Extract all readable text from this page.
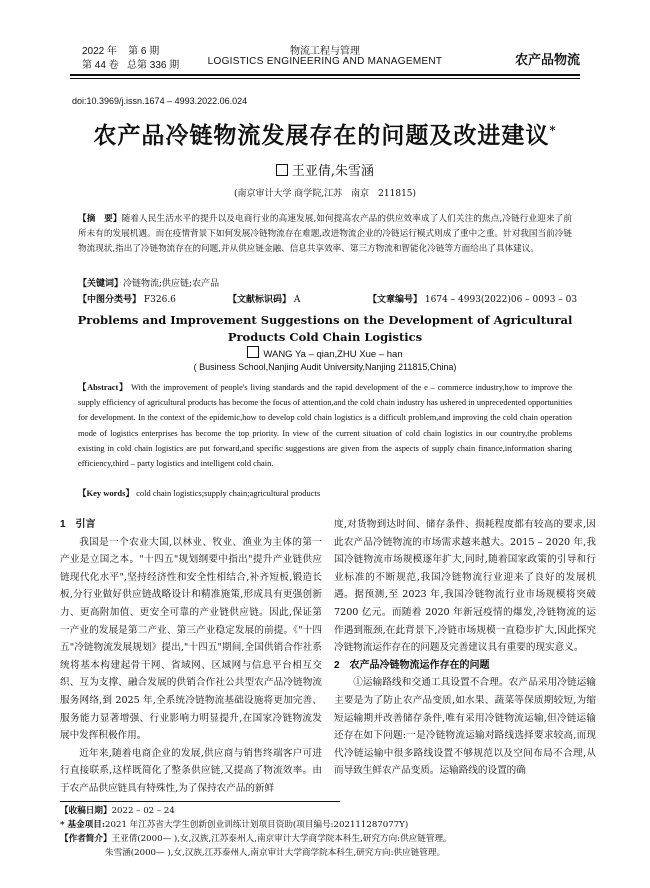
2022 年 第 6 期
第 44 卷 总第 336 期
物流工程与管理
LOGISTICS ENGINEERING AND MANAGEMENT	农产品物流
doi:10.3969/j.issn.1674 – 4993.2022.06.024
农产品冷链物流发展存在的问题及改进建议*
王亚倩,朱雪涵
(南京审计大学 商学院,江苏　南京　211815)
【摘　要】随着人民生活水平的提升以及电商行业的高速发展,如何提高农产品的供应效率成了人们关注的焦点,冷链行业迎来了前所未有的发展机遇。而在疫情背景下如何发展冷链物流存在难题,改进物流企业的冷链运行模式则成了重中之重。针对我国当前冷链物流现状,指出了冷链物流存在的问题,并从供应链金融、信息共享效率、第三方物流和智能化冷链等方面给出了具体建议。
【关键词】冷链物流;供应链;农产品
【中图分类号】 F326.6	【文献标识码】 A	【文章编号】 1674 – 4993(2022)06 – 0093 – 03
Problems and Improvement Suggestions on the Development of Agricultural Products Cold Chain Logistics
WANG Ya – qian,ZHU Xue – han
( Business School,Nanjing Audit University,Nanjing 211815,China)
【Abstract】 With the improvement of people's living standards and the rapid development of the e – commerce industry,how to improve the supply efficiency of agricultural products has become the focus of attention,and the cold chain industry has ushered in unprecedented opportunities for development. In the context of the epidemic,how to develop cold chain logistics is a difficult problem,and improving the cold chain operation mode of logistics enterprises has become the top priority. In view of the current situation of cold chain logistics in our country,the problems existing in cold chain logistics are put forward,and specific suggestions are given from the aspects of supply chain finance,information sharing efficiency,third – party logistics and intelligent cold chain.
【Key words】 cold chain logistics;supply chain;agricultural products
1　引言

我国是一个农业大国,以林业、牧业、渔业为主体的第一产业是立国之本。"十四五"规划纲要中指出"提升产业链供应链现代化水平",坚持经济性和安全性相结合,补齐短板,锻造长板,分行业做好供应链战略设计和精准施策,形成具有更强创新力、更高附加值、更安全可靠的产业链供应链。因此,保证第一产业的发展是第二产业、第三产业稳定发展的前提。《"十四五"冷链物流发展规划》提出,"十四五"期间,全国供销合作社系统将基本构建起骨干网、省域网、区域网与信息平台相互交织、互为支撑、融合发展的供销合作社公共型农产品冷链物流服务网络,到 2025 年,全系统冷链物流基础设施将更加完善、服务能力显著增强、行业影响力明显提升,在国家冷链物流发展中发挥积极作用。

近年来,随着电商企业的发展,供应商与销售终端客户可进行直接联系,这样既简化了整条供应链,又提高了物流效率。由于农产品供应链具有特殊性,为了保持农产品的新鲜

度,对货物到达时间、储存条件、损耗程度都有较高的要求,因此农产品冷链物流的市场需求越来越大。2015 – 2020 年,我国冷链物流市场规模逐年扩大,同时,随着国家政策的引导和行业标准的不断规范,我国冷链物流行业迎来了良好的发展机遇。据预测,至 2023 年,我国冷链物流行业市场规模将突破7200 亿元。而随着 2020 年新冠疫情的爆发,冷链物流的运作遇到瓶颈,在此背景下,冷链市场规模一直稳步扩大,因此探究冷链物流运作存在的问题及完善建议具有重要的现实意义。

2　农产品冷链物流运作存在的问题

①运输路线和交通工具设置不合理。农产品采用冷链运输主要是为了防止农产品变质,如水果、蔬菜等保质期较短,为缩短运输期并改善储存条件,唯有采用冷链物流运输,但冷链运输还存在如下问题:一是冷链物流运输对路线选择要求较高,而现代冷链运输中很多路线设置不够规范以及空间布局不合理,从而导致生鲜农产品变质。运输路线的设置的确

【收稿日期】2022 – 02 – 24
* 基金项目:2021 年江苏省大学生创新创业训练计划项目资助(项目编号:202111287077Y)
【作者简介】王亚倩(2000— ),女,汉族,江苏泰州人,南京审计大学商学院本科生,研究方向:供应链管理。
朱雪涵(2000— ),女,汉族,江苏泰州人,南京审计大学商学院本科生,研究方向:供应链管理。
